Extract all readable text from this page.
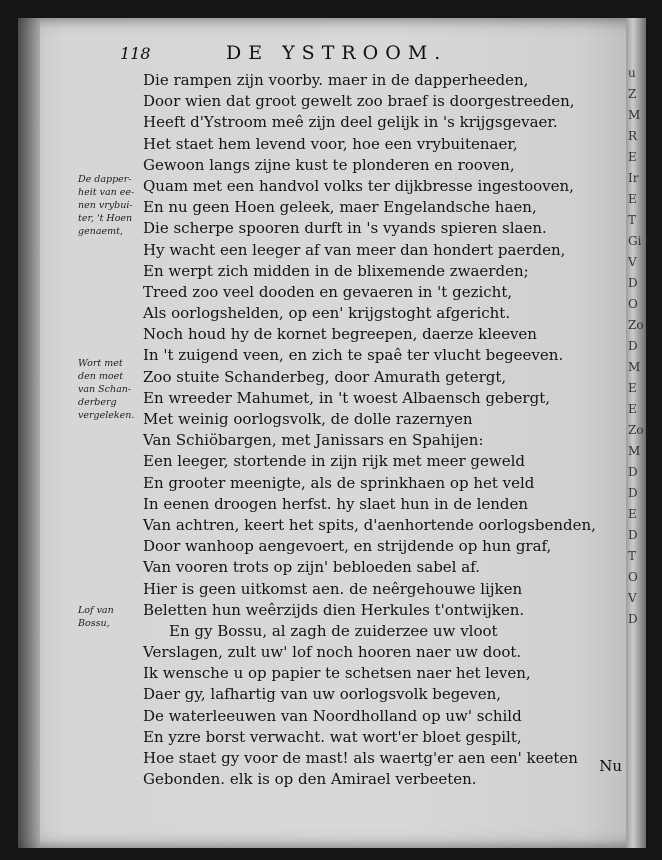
u
Z
M
R
E
Ir
E
T
Gi
V
D
O
Zo
D
M
E
E
Zo
M
D
D
E
D
T
O
V
D
118	DE YSTROOM.
Die rampen zijn voorby. maer in de dapperheeden,
Door wien dat groot gewelt zoo braef is doorgestreeden,
Heeft d'Ystroom meê zijn deel gelijk in 's krijgsgevaer.
Het staet hem levend voor, hoe een vrybuitenaer,
Gewoon langs zijne kust te plonderen en rooven,
Quam met een handvol volks ter dijkbresse ingestooven,
En nu geen Hoen geleek, maer Engelandsche haen,
Die scherpe spooren durft in 's vyands spieren slaen.
Hy wacht een leeger af van meer dan hondert paerden,
En werpt zich midden in de blixemende zwaerden;
Treed zoo veel dooden en gevaeren in 't gezicht,
Als oorlogshelden, op een' krijgstoght afgericht.
Noch houd hy de kornet begreepen, daerze kleeven
In 't zuigend veen, en zich te spaê ter vlucht begeeven.
Zoo stuite Schanderbeg, door Amurath getergt,
En wreeder Mahumet, in 't woest Albaensch gebergt,
Met weinig oorlogsvolk, de dolle razernyen
Van Schiöbargen, met Janissars en Spahijen:
Een leeger, stortende in zijn rijk met meer geweld
En grooter meenigte, als de sprinkhaen op het veld
In eenen droogen herfst. hy slaet hun in de lenden
Van achtren, keert het spits, d'aenhortende oorlogsbenden,
Door wanhoop aengevoert, en strijdende op hun graf,
Van vooren trots op zijn' bebloeden sabel af.
Hier is geen uitkomst aen. de neêrgehouwe lijken
Beletten hun weêrzijds dien Herkules t'ontwijken.
En gy Bossu, al zagh de zuiderzee uw vloot
Verslagen, zult uw' lof noch hooren naer uw doot.
Ik wensche u op papier te schetsen naer het leven,
Daer gy, lafhartig van uw oorlogsvolk begeven,
De waterleeuwen van Noordholland op uw' schild
En yzre borst verwacht. wat wort'er bloet gespilt,
Hoe staet gy voor de mast! als waertg'er aen een' keeten
Gebonden. elk is op den Amirael verbeeten.
De dapper-
heit van ee-
nen vrybui-
ter, 't Hoen
genaemt,
Wort met
den moet
van Schan-
derberg
vergeleken.
Lof van
Bossu,
Nu
